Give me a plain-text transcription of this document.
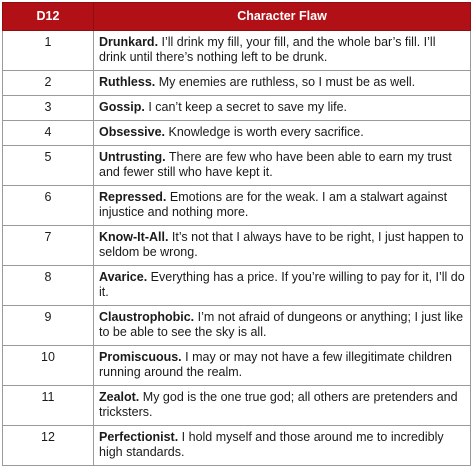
D12	Character Flaw
1	Drunkard. I’ll drink my fill, your fill, and the whole bar’s fill. I’ll drink until there’s nothing left to be drunk.
2	Ruthless. My enemies are ruthless, so I must be as well.
3	Gossip. I can’t keep a secret to save my life.
4	Obsessive. Knowledge is worth every sacrifice.
5	Untrusting. There are few who have been able to earn my trust and fewer still who have kept it.
6	Repressed. Emotions are for the weak. I am a stalwart against injustice and nothing more.
7	Know-It-All. It’s not that I always have to be right, I just happen to seldom be wrong.
8	Avarice. Everything has a price. If you’re willing to pay for it, I’ll do it.
9	Claustrophobic. I’m not afraid of dungeons or anything; I just like to be able to see the sky is all.
10	Promiscuous. I may or may not have a few illegitimate children running around the realm.
11	Zealot. My god is the one true god; all others are pretenders and tricksters.
12	Perfectionist. I hold myself and those around me to incredibly high standards.
